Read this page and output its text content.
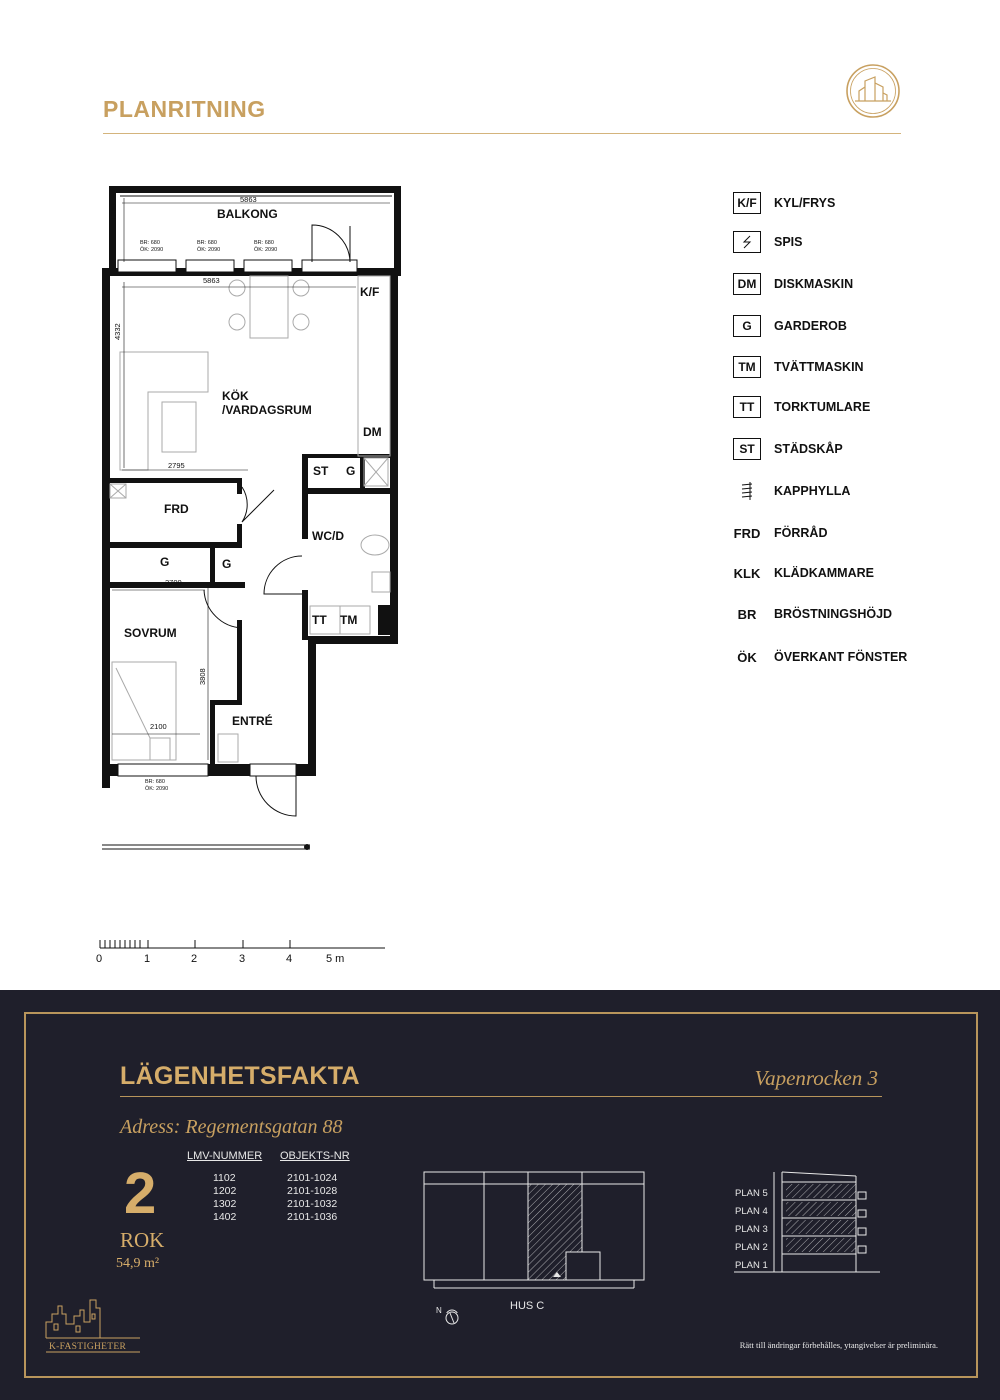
PLANRITNING
BALKONG
KÖK
/VARDAGSRUM
FRD
G	G
SOVRUM
ENTRÉ
WC/D
ST G
K/F
DM
TT TM
5863
1380
5863
4332
2795
2700
3808
2100
BR: 680
ÖK: 2090
BR: 680
ÖK: 2090
BR: 680
ÖK: 2090
BR: 680
ÖK: 2090
0	1	2	3	4	5 m
K/F	KYL/FRYS
SPIS
DM	DISKMASKIN
G	GARDEROB
TM	TVÄTTMASKIN
TT	TORKTUMLARE
ST	STÄDSKÅP
KAPPHYLLA
FRD FÖRRÅD
KLK KLÄDKAMMARE
BR	BRÖSTNINGSHÖJD
ÖK	ÖVERKANT FÖNSTER
LÄGENHETSFAKTA	Vapenrocken 3
Adress: Regementsgatan 88
2
ROK
54,9 m²
LMV-NUMMER OBJEKTS-NR
1102	2101-1024
1202	2101-1028
1302	2101-1032
1402	2101-1036
N	HUS C
PLAN 5
PLAN 4
PLAN 3
PLAN 2
PLAN 1
Rätt till ändringar förbehålles, ytangivelser är preliminära.
K-FASTIGHETER
